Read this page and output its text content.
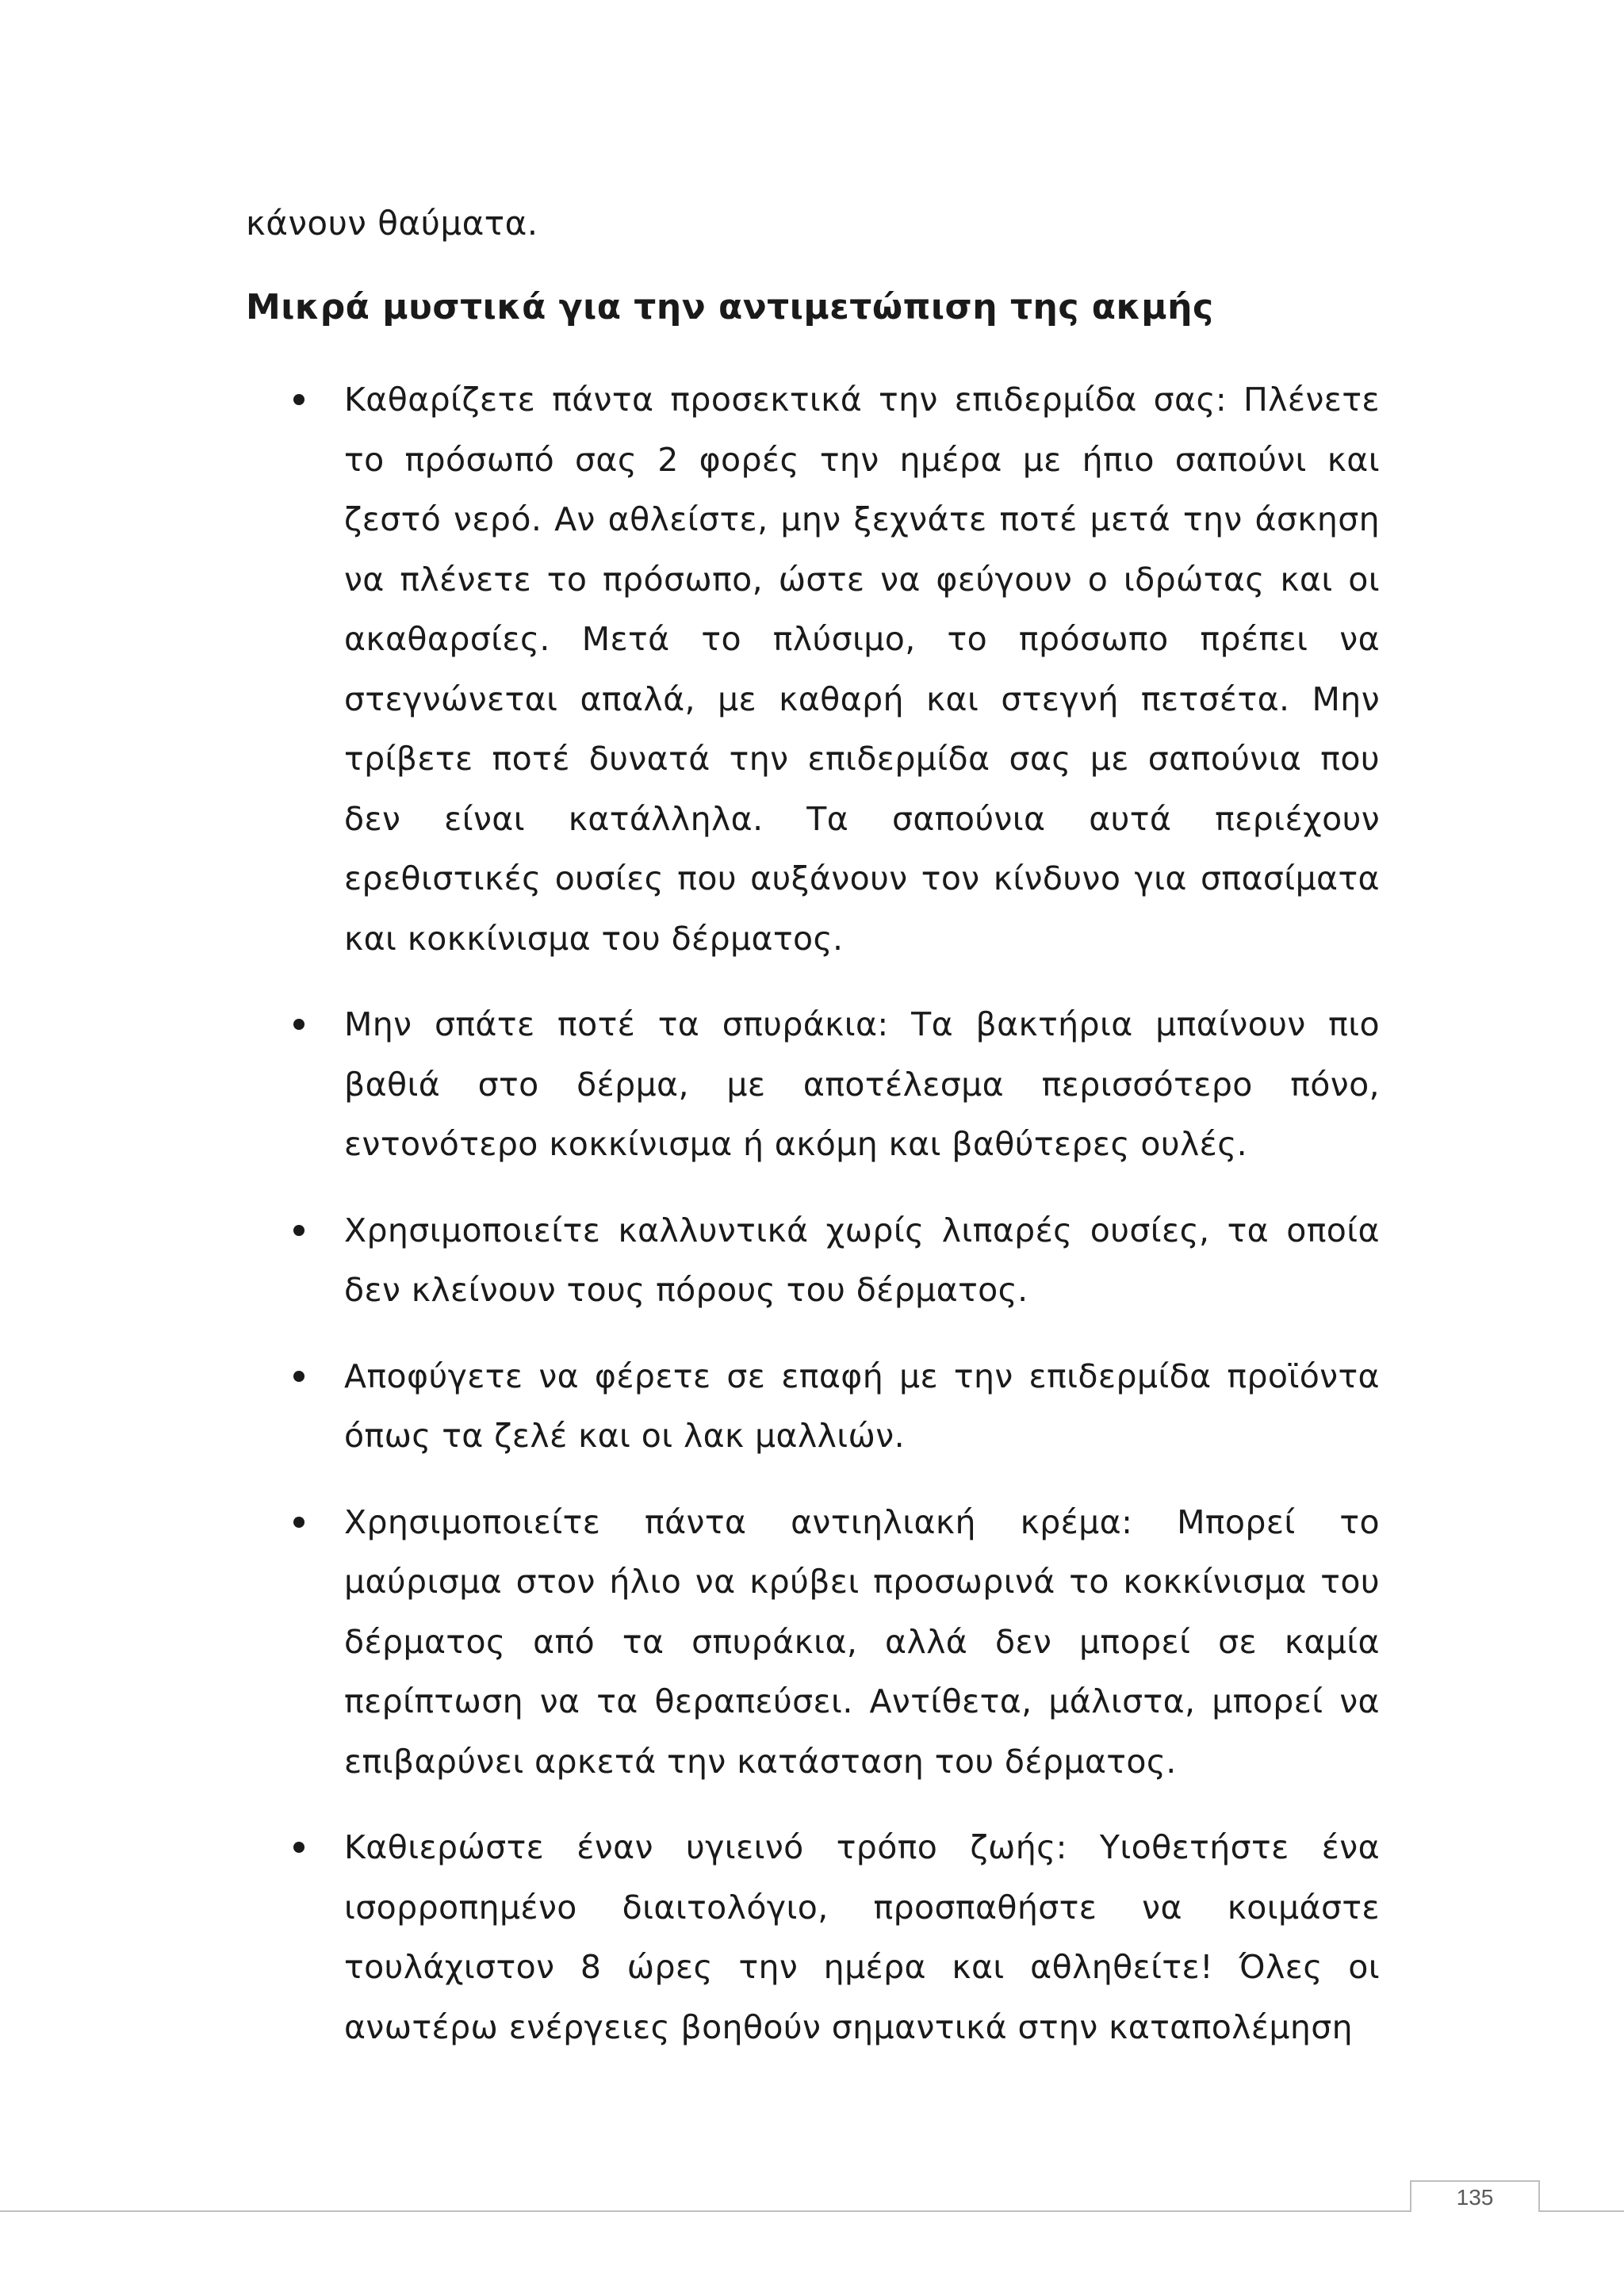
κάνουν θαύματα.

Μικρά μυστικά για την αντιμετώπιση της ακμής
Καθαρίζετε πάντα προσεκτικά την επιδερμίδα σας: Πλένετε το πρόσωπό σας 2 φορές την ημέρα με ήπιο σαπούνι και ζεστό νερό. Αν αθλείστε, μην ξεχνάτε ποτέ μετά την άσκηση να πλένετε το πρόσωπο, ώστε να φεύγουν ο ιδρώτας και οι ακαθαρσίες. Μετά το πλύσιμο, το πρόσωπο πρέπει να στεγνώνεται απαλά, με καθαρή και στεγνή πετσέτα. Μην τρίβετε ποτέ δυνατά την επιδερμίδα σας με σαπούνια που δεν είναι κατάλληλα. Τα σαπούνια αυτά περιέχουν ερεθιστικές ουσίες που αυξάνουν τον κίνδυνο για σπασίματα και κοκκίνισμα του δέρματος.
Μην σπάτε ποτέ τα σπυράκια: Τα βακτήρια μπαίνουν πιο βαθιά στο δέρμα, με αποτέλεσμα περισσότερο πόνο, εντονότερο κοκκίνισμα ή ακόμη και βαθύτερες ουλές.
Χρησιμοποιείτε καλλυντικά χωρίς λιπαρές ουσίες, τα οποία δεν κλείνουν τους πόρους του δέρματος.
Αποφύγετε να φέρετε σε επαφή με την επιδερμίδα προϊόντα όπως τα ζελέ και οι λακ μαλλιών.
Χρησιμοποιείτε πάντα αντιηλιακή κρέμα: Μπορεί το μαύρισμα στον ήλιο να κρύβει προσωρινά το κοκκίνισμα του δέρματος από τα σπυράκια, αλλά δεν μπορεί σε καμία περίπτωση να τα θεραπεύσει. Αντίθετα, μάλιστα, μπορεί να επιβαρύνει αρκετά την κατάσταση του δέρματος.
Καθιερώστε έναν υγιεινό τρόπο ζωής: Υιοθετήστε ένα ισορροπημένο διαιτολόγιο, προσπαθήστε να κοιμάστε τουλάχιστον 8 ώρες την ημέρα και αθληθείτε! Όλες οι ανωτέρω ενέργειες βοηθούν σημαντικά στην καταπολέμηση
135
